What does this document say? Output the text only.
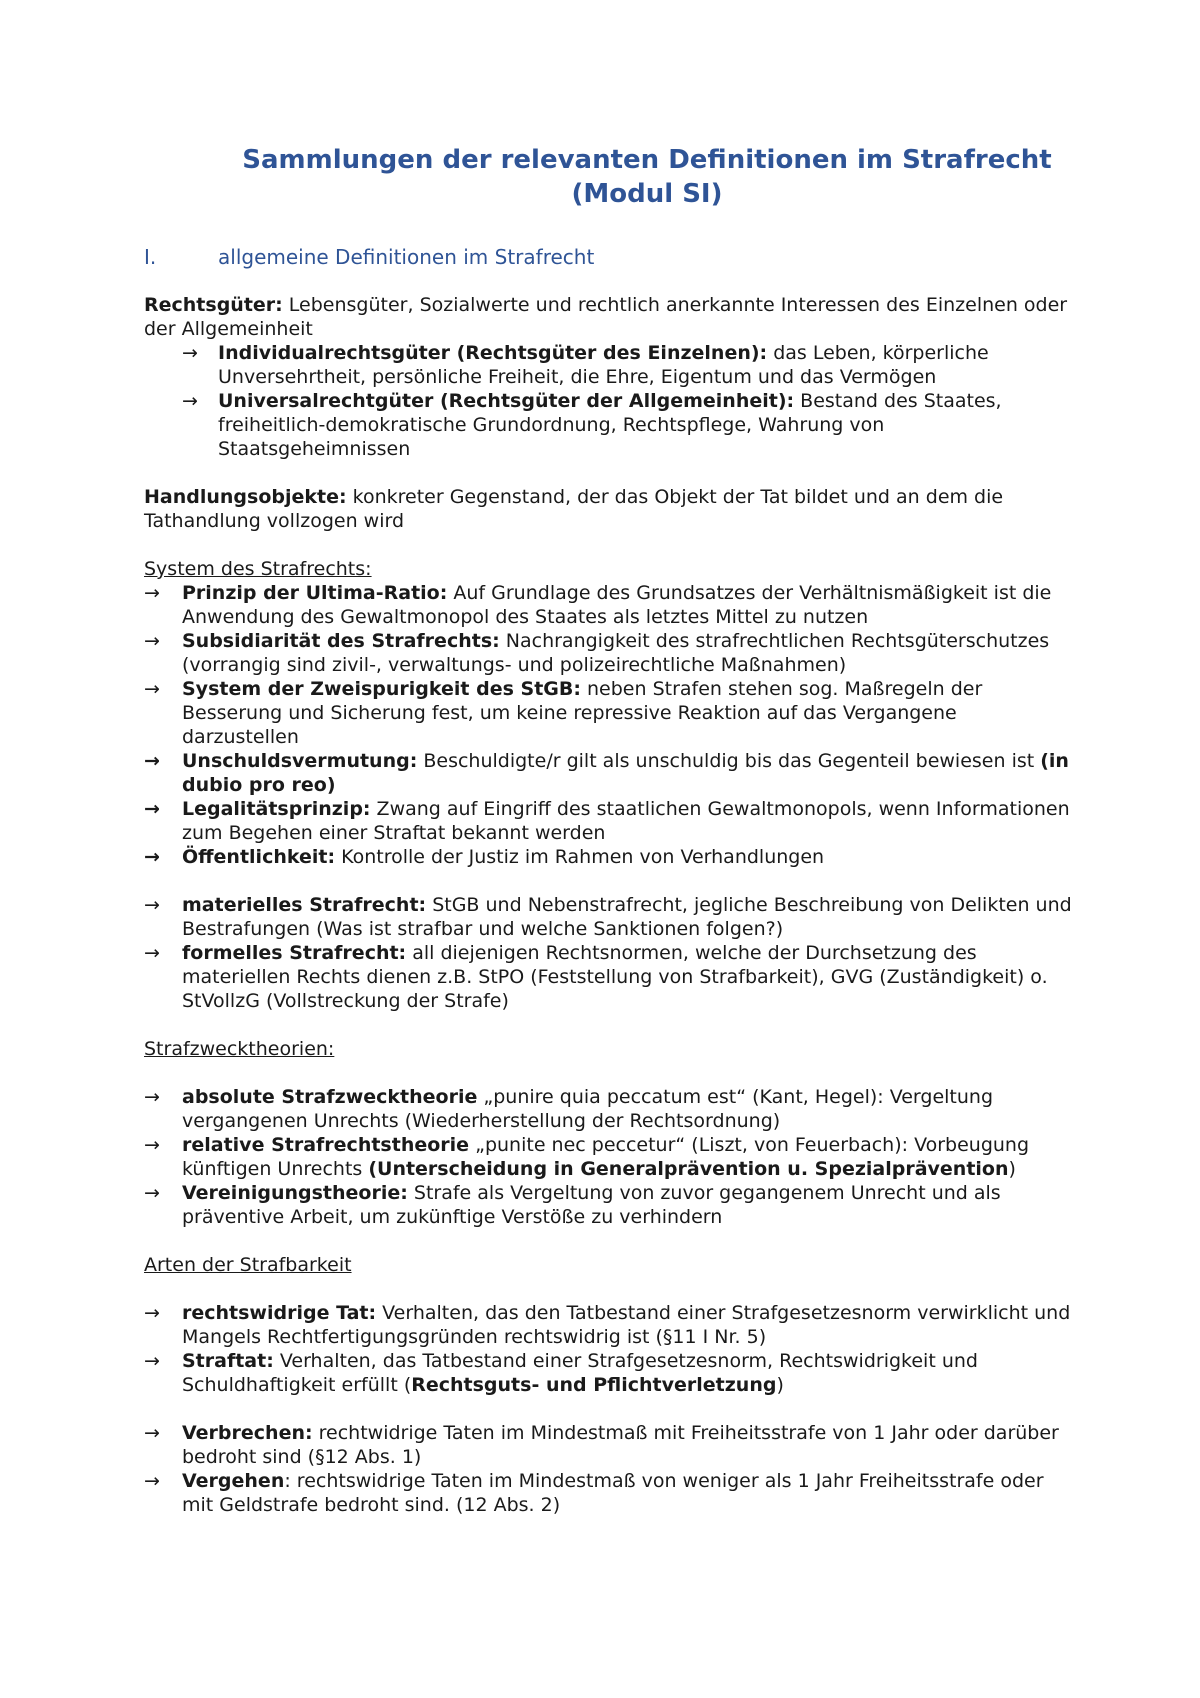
Sammlungen der relevanten Definitionen im Strafrecht
(Modul SI)
I.	allgemeine Definitionen im Strafrecht

Rechtsgüter: Lebensgüter, Sozialwerte und rechtlich anerkannte Interessen des Einzelnen oder der Allgemeinheit

→	Individualrechtsgüter (Rechtsgüter des Einzelnen): das Leben, körperliche Unversehrtheit, persönliche Freiheit, die Ehre, Eigentum und das Vermögen
→	Universalrechtgüter (Rechtsgüter der Allgemeinheit): Bestand des Staates, freiheitlich-demokratische Grundordnung, Rechtspflege, Wahrung von Staatsgeheimnissen

Handlungsobjekte: konkreter Gegenstand, der das Objekt der Tat bildet und an dem die Tathandlung vollzogen wird

System des Strafrechts:

→	Prinzip der Ultima-Ratio: Auf Grundlage des Grundsatzes der Verhältnismäßigkeit ist die Anwendung des Gewaltmonopol des Staates als letztes Mittel zu nutzen
→	Subsidiarität des Strafrechts: Nachrangigkeit des strafrechtlichen Rechtsgüterschutzes (vorrangig sind zivil-, verwaltungs- und polizeirechtliche Maßnahmen)
→	System der Zweispurigkeit des StGB: neben Strafen stehen sog. Maßregeln der Besserung und Sicherung fest, um keine repressive Reaktion auf das Vergangene darzustellen
→	Unschuldsvermutung: Beschuldigte/r gilt als unschuldig bis das Gegenteil bewiesen ist (in dubio pro reo)
→	Legalitätsprinzip: Zwang auf Eingriff des staatlichen Gewaltmonopols, wenn Informationen zum Begehen einer Straftat bekannt werden
→	Öffentlichkeit: Kontrolle der Justiz im Rahmen von Verhandlungen
→	materielles Strafrecht: StGB und Nebenstrafrecht, jegliche Beschreibung von Delikten und Bestrafungen (Was ist strafbar und welche Sanktionen folgen?)
→	formelles Strafrecht: all diejenigen Rechtsnormen, welche der Durchsetzung des materiellen Rechts dienen z.B. StPO (Feststellung von Strafbarkeit), GVG (Zuständigkeit) o. StVollzG (Vollstreckung der Strafe)

Strafzwecktheorien:

→	absolute Strafzwecktheorie „punire quia peccatum est“ (Kant, Hegel): Vergeltung vergangenen Unrechts (Wiederherstellung der Rechtsordnung)
→	relative Strafrechtstheorie „punite nec peccetur“ (Liszt, von Feuerbach): Vorbeugung künftigen Unrechts (Unterscheidung in Generalprävention u. Spezialprävention)
→	Vereinigungstheorie: Strafe als Vergeltung von zuvor gegangenem Unrecht und als präventive Arbeit, um zukünftige Verstöße zu verhindern

Arten der Strafbarkeit

→	rechtswidrige Tat: Verhalten, das den Tatbestand einer Strafgesetzesnorm verwirklicht und Mangels Rechtfertigungsgründen rechtswidrig ist (§11 I Nr. 5)
→	Straftat: Verhalten, das Tatbestand einer Strafgesetzesnorm, Rechtswidrigkeit und Schuldhaftigkeit erfüllt (Rechtsguts- und Pflichtverletzung)
→	Verbrechen: rechtwidrige Taten im Mindestmaß mit Freiheitsstrafe von 1 Jahr oder darüber bedroht sind (§12 Abs. 1)
→	Vergehen: rechtswidrige Taten im Mindestmaß von weniger als 1 Jahr Freiheitsstrafe oder mit Geldstrafe bedroht sind. (12 Abs. 2)
